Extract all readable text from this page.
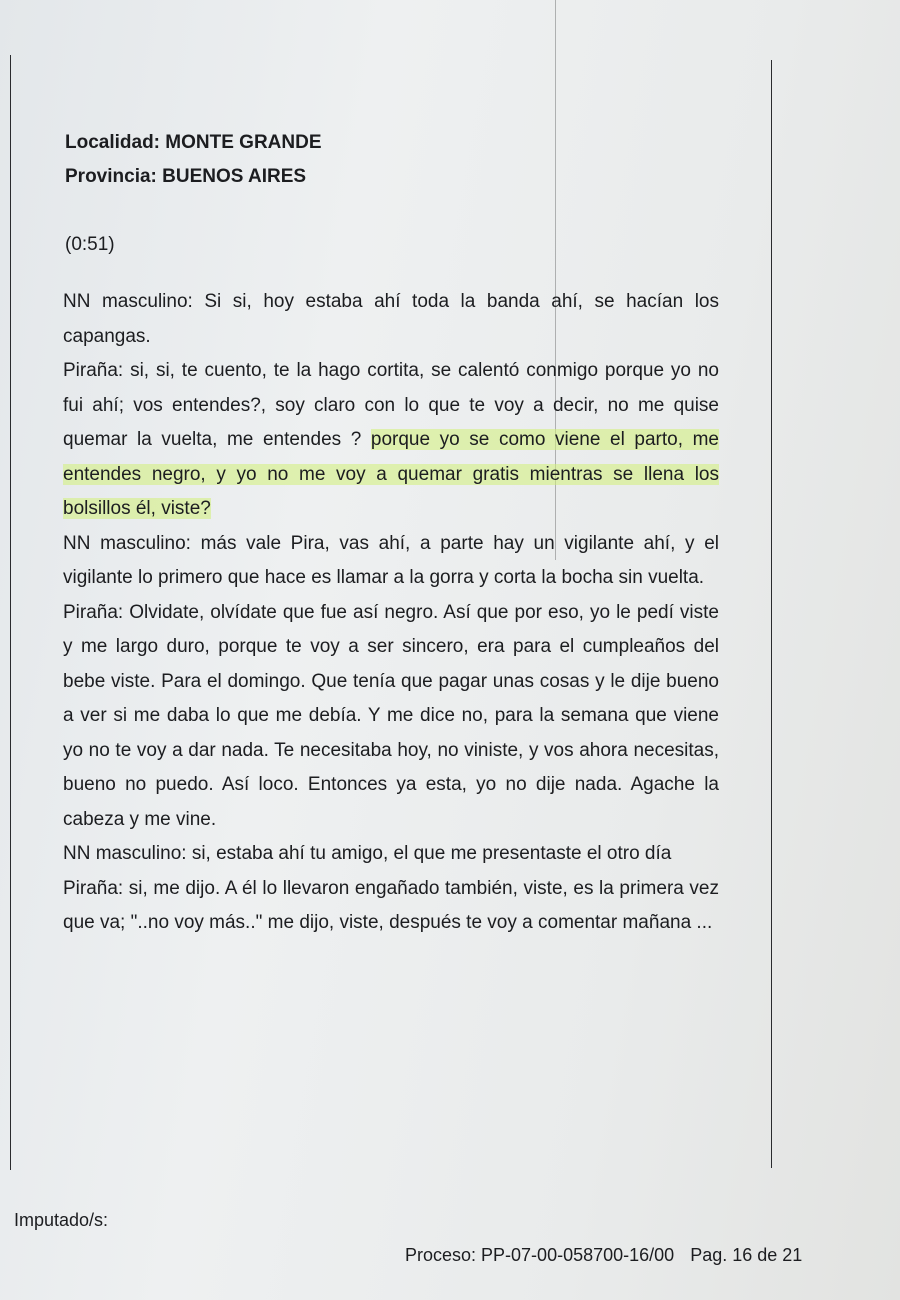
Localidad: MONTE GRANDE
Provincia: BUENOS AIRES
(0:51)

NN masculino: Si si, hoy estaba ahí toda la banda ahí, se hacían los capangas.

Piraña: si, si, te cuento, te la hago cortita, se calentó conmigo porque yo no fui ahí; vos entendes?, soy claro con lo que te voy a decir, no me quise quemar la vuelta, me entendes ? porque yo se como viene el parto, me entendes negro, y yo no me voy a quemar gratis mientras se llena los bolsillos él, viste?

NN masculino: más vale Pira, vas ahí, a parte hay un vigilante ahí, y el vigilante lo primero que hace es llamar a la gorra y corta la bocha sin vuelta.

Piraña: Olvidate, olvídate que fue así negro. Así que por eso, yo le pedí viste y me largo duro, porque te voy a ser sincero, era para el cumpleaños del bebe viste. Para el domingo. Que tenía que pagar unas cosas y le dije bueno a ver si me daba lo que me debía. Y me dice no, para la semana que viene yo no te voy a dar nada. Te necesitaba hoy, no viniste, y vos ahora necesitas, bueno no puedo. Así loco. Entonces ya esta, yo no dije nada. Agache la cabeza y me vine.

NN masculino: si, estaba ahí tu amigo, el que me presentaste el otro día

Piraña: si, me dijo. A él lo llevaron engañado también, viste, es la primera vez que va; "..no voy más.." me dijo, viste, después te voy a comentar mañana ...

Imputado/s:
Proceso: PP-07-00-058700-16/00 Pag. 16 de 21
